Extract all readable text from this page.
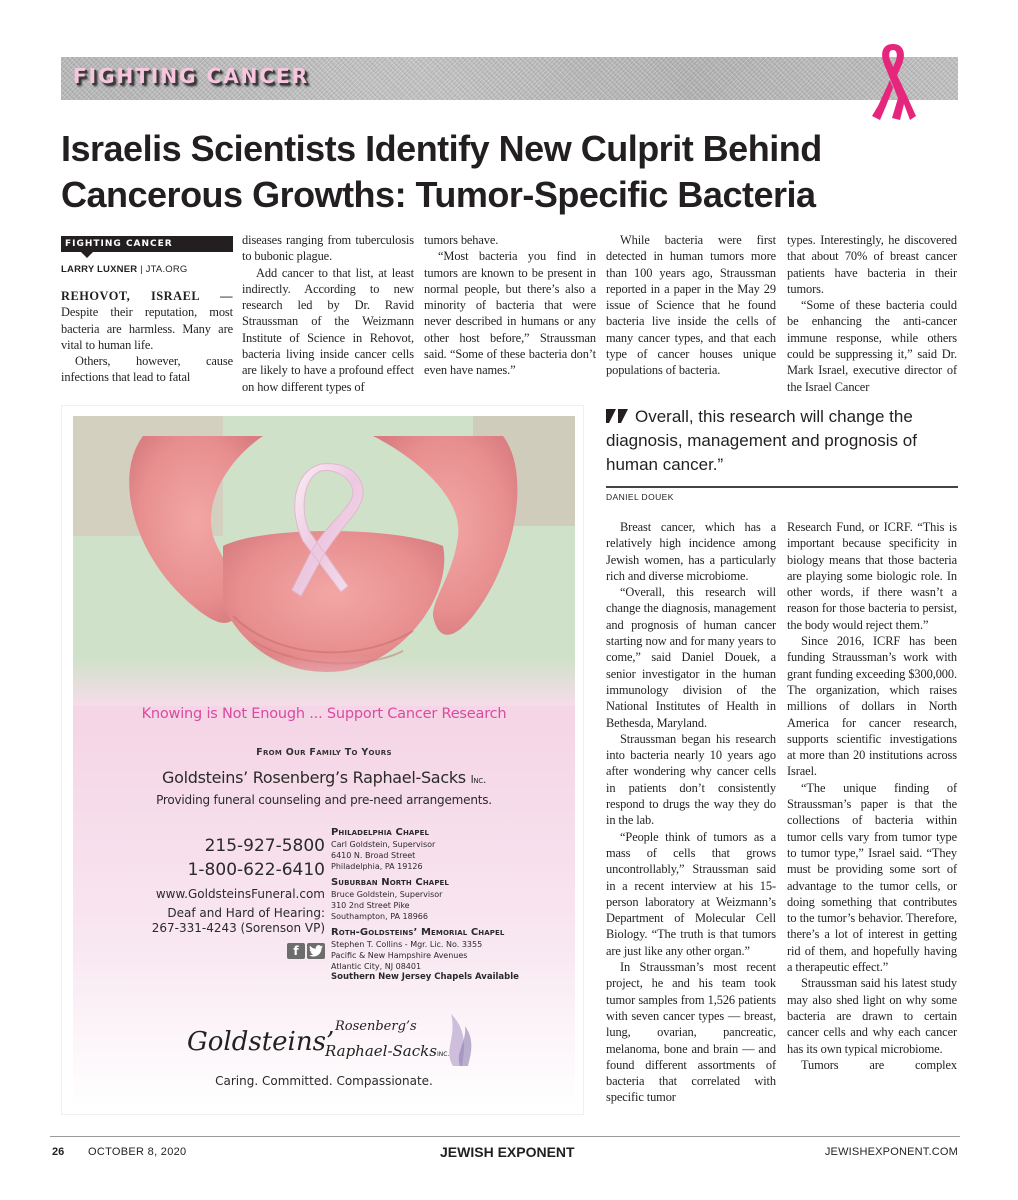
FIGHTING CANCER
Israelis Scientists Identify New Culprit Behind Cancerous Growths: Tumor-Specific Bacteria
FIGHTING CANCER

LARRY LUXNER | JTA.ORG

REHOVOT, ISRAEL — Despite their reputation, most bacteria are harmless. Many are vital to human life.

Others, however, cause infections that lead to fatal

diseases ranging from tuberculosis to bubonic plague.

Add cancer to that list, at least indirectly. According to new research led by Dr. Ravid Straussman of the Weizmann Institute of Science in Rehovot, bacteria living inside cancer cells are likely to have a profound effect on how different types of

tumors behave.

“Most bacteria you find in tumors are known to be present in normal people, but there’s also a minority of bacteria that were never described in humans or any other host before,” Straussman said. “Some of these bacteria don’t even have names.”

While bacteria were first detected in human tumors more than 100 years ago, Straussman reported in a paper in the May 29 issue of Science that he found bacteria live inside the cells of many cancer types, and that each type of cancer houses unique populations of bacteria.

types. Interestingly, he discovered that about 70% of breast cancer patients have bacteria in their tumors.

“Some of these bacteria could be enhancing the anti-cancer immune response, while others could be suppressing it,” said Dr. Mark Israel, executive director of the Israel Cancer

Overall, this research will change the diagnosis, management and prognosis of human cancer.”
DANIEL DOUEK

Breast cancer, which has a relatively high incidence among Jewish women, has a particularly rich and diverse microbiome.

“Overall, this research will change the diagnosis, management and prognosis of human cancer starting now and for many years to come,” said Daniel Douek, a senior investigator in the human immunology division of the National Institutes of Health in Bethesda, Maryland.

Straussman began his research into bacteria nearly 10 years ago after wondering why cancer cells in patients don’t consistently respond to drugs the way they do in the lab.

“People think of tumors as a mass of cells that grows uncontrollably,” Straussman said in a recent interview at his 15-person laboratory at Weizmann’s Department of Molecular Cell Biology. “The truth is that tumors are just like any other organ.”

In Straussman’s most recent project, he and his team took tumor samples from 1,526 patients with seven cancer types — breast, lung, ovarian, pancreatic, melanoma, bone and brain — and found different assortments of bacteria that correlated with specific tumor

Research Fund, or ICRF. “This is important because specificity in biology means that those bacteria are playing some biologic role. In other words, if there wasn’t a reason for those bacteria to persist, the body would reject them.”

Since 2016, ICRF has been funding Straussman’s work with grant funding exceeding $300,000. The organization, which raises millions of dollars in North America for cancer research, supports scientific investigations at more than 20 institutions across Israel.

“The unique finding of Straussman’s paper is that the collections of bacteria within tumor cells vary from tumor type to tumor type,” Israel said. “They must be providing some sort of advantage to the tumor cells, or doing something that contributes to the tumor’s behavior. Therefore, there’s a lot of interest in getting rid of them, and hopefully having a therapeutic effect.”

Straussman said his latest study may also shed light on why some bacteria are drawn to certain cancer cells and why each cancer has its own typical microbiome.

Tumors are complex

Knowing is Not Enough ... Support Cancer Research
From Our Family To Yours
Goldsteins’ Rosenberg’s Raphael-Sacks Inc.
Providing funeral counseling and pre-need arrangements.
215-927-5800
1-800-622-6410
www.GoldsteinsFuneral.com
Deaf and Hard of Hearing:
267-331-4243 (Sorenson VP)
f
Philadelphia Chapel
Carl Goldstein, Supervisor
6410 N. Broad Street
Philadelphia, PA 19126
Suburban North Chapel
Bruce Goldstein, Supervisor
310 2nd Street Pike
Southampton, PA 18966
Roth-Goldsteins’ Memorial Chapel
Stephen T. Collins - Mgr. Lic. No. 3355
Pacific & New Hampshire Avenues
Atlantic City, NJ 08401
Southern New Jersey Chapels Available
Goldsteins’
Rosenberg’s
Raphael-Sacks INC.
Caring. Committed. Compassionate.
26 OCTOBER 8, 2020	JEWISH EXPONENT	JEWISHEXPONENT.COM
